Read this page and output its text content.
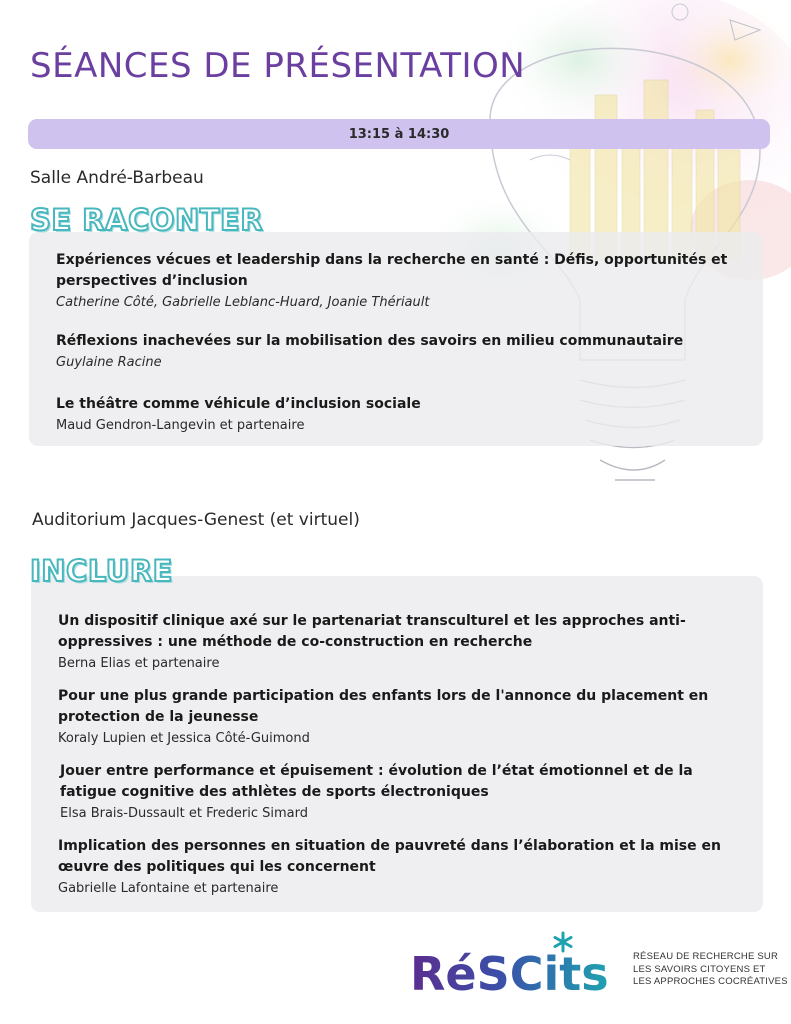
SÉANCES DE PRÉSENTATION
13:15 à 14:30
Salle André-Barbeau
SE RACONTER
Expériences vécues et leadership dans la recherche en santé : Défis, opportunités et perspectives d’inclusion
Catherine Côté, Gabrielle Leblanc-Huard, Joanie Thériault
Réflexions inachevées sur la mobilisation des savoirs en milieu communautaire
Guylaine Racine
Le théâtre comme véhicule d’inclusion sociale
Maud Gendron-Langevin et partenaire
Auditorium Jacques-Genest (et virtuel)
INCLURE
Un dispositif clinique axé sur le partenariat transculturel et les approches anti-oppressives : une méthode de co-construction en recherche
Berna Elias et partenaire
Pour une plus grande participation des enfants lors de l'annonce du placement en protection de la jeunesse
Koraly Lupien et Jessica Côté-Guimond
Jouer entre performance et épuisement : évolution de l’état émotionnel et de la fatigue cognitive des athlètes de sports électroniques
Elsa Brais-Dussault et Frederic Simard
Implication des personnes en situation de pauvreté dans l’élaboration et la mise en œuvre des politiques qui les concernent
Gabrielle Lafontaine et partenaire
RéSCits	RÉSEAU DE RECHERCHE SUR
LES SAVOIRS CITOYENS ET
LES APPROCHES COCRÉATIVES
